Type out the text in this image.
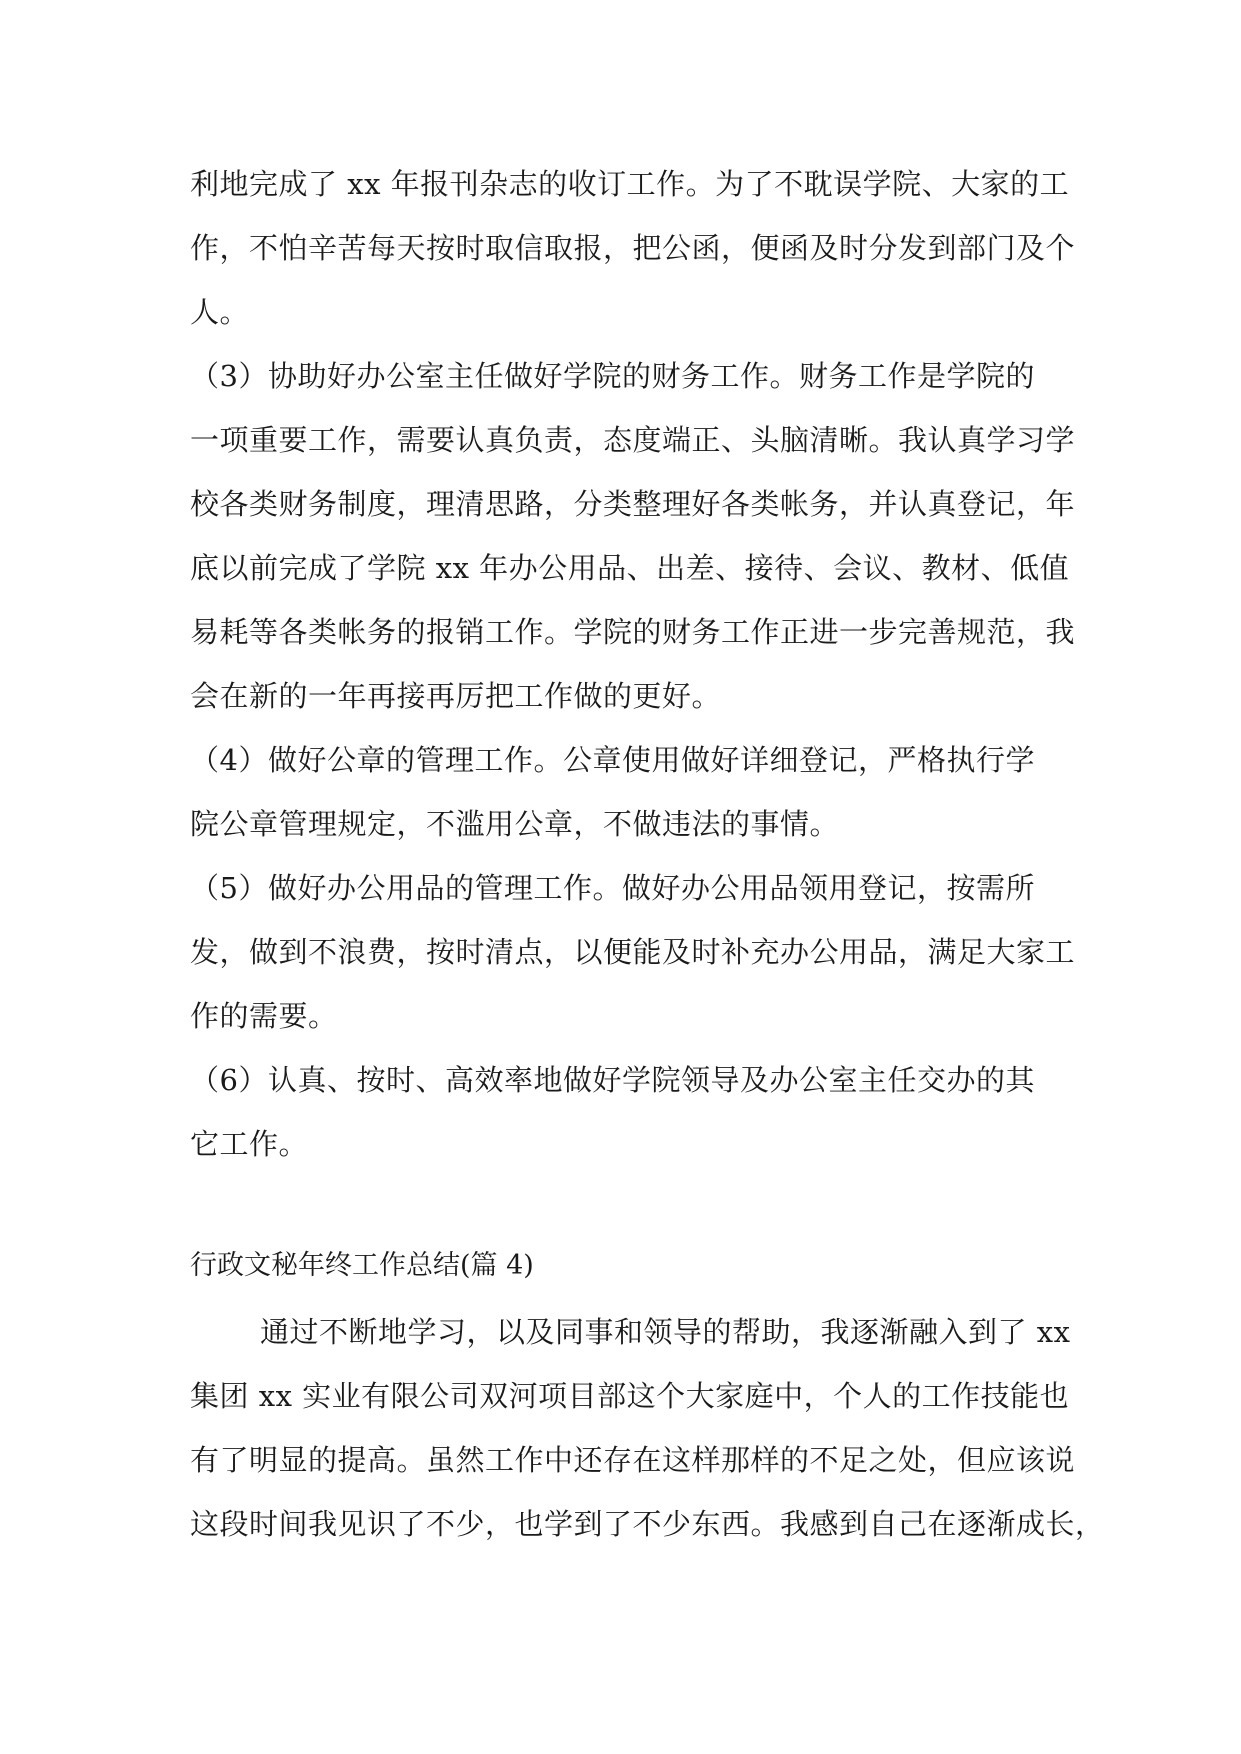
利地完成了 xx 年报刊杂志的收订工作。为了不耽误学院、大家的工
作，不怕辛苦每天按时取信取报，把公函，便函及时分发到部门及个
人。
（3）协助好办公室主任做好学院的财务工作。财务工作是学院的
一项重要工作，需要认真负责，态度端正、头脑清晰。我认真学习学
校各类财务制度，理清思路，分类整理好各类帐务，并认真登记，年
底以前完成了学院 xx 年办公用品、出差、接待、会议、教材、低值
易耗等各类帐务的报销工作。学院的财务工作正进一步完善规范，我
会在新的一年再接再厉把工作做的更好。
（4）做好公章的管理工作。公章使用做好详细登记，严格执行学
院公章管理规定，不滥用公章，不做违法的事情。
（5）做好办公用品的管理工作。做好办公用品领用登记，按需所
发，做到不浪费，按时清点，以便能及时补充办公用品，满足大家工
作的需要。
（6）认真、按时、高效率地做好学院领导及办公室主任交办的其
它工作。
行政文秘年终工作总结(篇 4)
通过不断地学习，以及同事和领导的帮助，我逐渐融入到了 xx
集团 xx 实业有限公司双河项目部这个大家庭中，个人的工作技能也
有了明显的提高。虽然工作中还存在这样那样的不足之处，但应该说
这段时间我见识了不少，也学到了不少东西。我感到自己在逐渐成长，
